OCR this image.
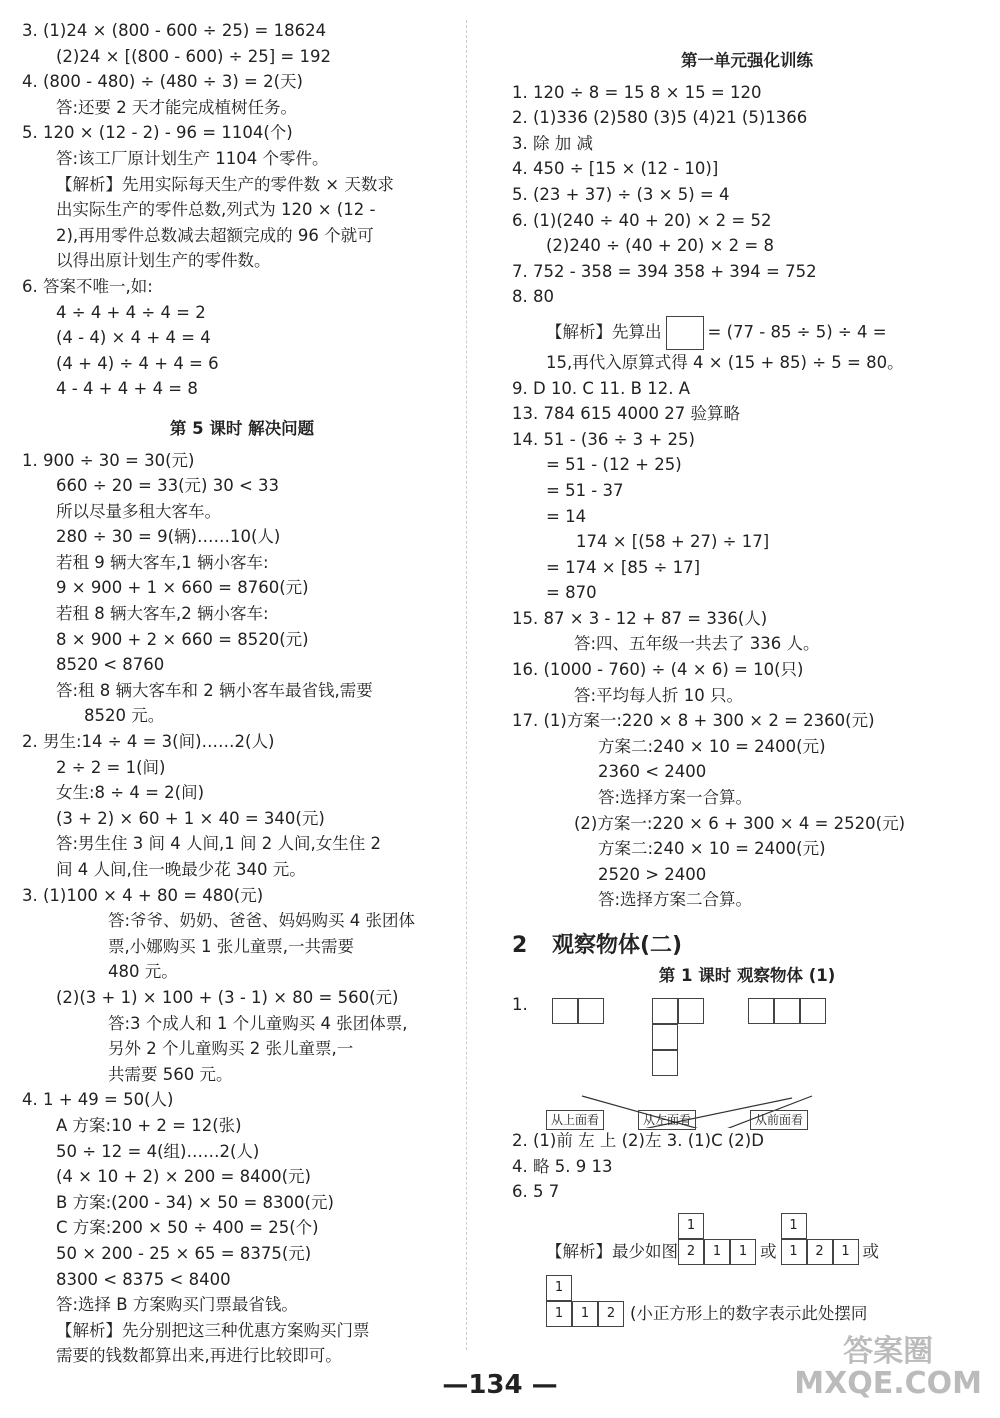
3. (1)24 × (800 - 600 ÷ 25) = 18624
(2)24 × [(800 - 600) ÷ 25] = 192
4. (800 - 480) ÷ (480 ÷ 3) = 2(天)
答:还要 2 天才能完成植树任务。
5. 120 × (12 - 2) - 96 = 1104(个)
答:该工厂原计划生产 1104 个零件。
【解析】先用实际每天生产的零件数 × 天数求
出实际生产的零件总数,列式为 120 × (12 -
2),再用零件总数减去超额完成的 96 个就可
以得出原计划生产的零件数。
6. 答案不唯一,如:
4 ÷ 4 + 4 ÷ 4 = 2
(4 - 4) × 4 + 4 = 4
(4 + 4) ÷ 4 + 4 = 6
4 - 4 + 4 + 4 = 8
第 5 课时 解决问题
1. 900 ÷ 30 = 30(元)
660 ÷ 20 = 33(元) 30 < 33
所以尽量多租大客车。
280 ÷ 30 = 9(辆)……10(人)
若租 9 辆大客车,1 辆小客车:
9 × 900 + 1 × 660 = 8760(元)
若租 8 辆大客车,2 辆小客车:
8 × 900 + 2 × 660 = 8520(元)
8520 < 8760
答:租 8 辆大客车和 2 辆小客车最省钱,需要
8520 元。
2. 男生:14 ÷ 4 = 3(间)……2(人)
2 ÷ 2 = 1(间)
女生:8 ÷ 4 = 2(间)
(3 + 2) × 60 + 1 × 40 = 340(元)
答:男生住 3 间 4 人间,1 间 2 人间,女生住 2
间 4 人间,住一晚最少花 340 元。
3. (1)100 × 4 + 80 = 480(元)
答:爷爷、奶奶、爸爸、妈妈购买 4 张团体
票,小娜购买 1 张儿童票,一共需要
480 元。
(2)(3 + 1) × 100 + (3 - 1) × 80 = 560(元)
答:3 个成人和 1 个儿童购买 4 张团体票,
另外 2 个儿童购买 2 张儿童票,一
共需要 560 元。
4. 1 + 49 = 50(人)
A 方案:10 + 2 = 12(张)
50 ÷ 12 = 4(组)……2(人)
(4 × 10 + 2) × 200 = 8400(元)
B 方案:(200 - 34) × 50 = 8300(元)
C 方案:200 × 50 ÷ 400 = 25(个)
50 × 200 - 25 × 65 = 8375(元)
8300 < 8375 < 8400
答:选择 B 方案购买门票最省钱。
【解析】先分别把这三种优惠方案购买门票
需要的钱数都算出来,再进行比较即可。
第一单元强化训练
1. 120 ÷ 8 = 15 8 × 15 = 120
2. (1)336 (2)580 (3)5 (4)21 (5)1366
3. 除 加 减
4. 450 ÷ [15 × (12 - 10)]
5. (23 + 37) ÷ (3 × 5) = 4
6. (1)(240 ÷ 40 + 20) × 2 = 52
(2)240 ÷ (40 + 20) × 2 = 8
7. 752 - 358 = 394 358 + 394 = 752
8. 80
【解析】先算出	= (77 - 85 ÷ 5) ÷ 4 =
15,再代入原算式得 4 × (15 + 85) ÷ 5 = 80。
9. D 10. C 11. B 12. A
13. 784 615 4000 27 验算略
14. 51 - (36 ÷ 3 + 25)
= 51 - (12 + 25)
= 51 - 37
= 14
174 × [(58 + 27) ÷ 17]
= 174 × [85 ÷ 17]
= 870
15. 87 × 3 - 12 + 87 = 336(人)
答:四、五年级一共去了 336 人。
16. (1000 - 760) ÷ (4 × 6) = 10(只)
答:平均每人折 10 只。
17. (1)方案一:220 × 8 + 300 × 2 = 2360(元)
方案二:240 × 10 = 2400(元)
2360 < 2400
答:选择方案一合算。
(2)方案一:220 × 6 + 300 × 4 = 2520(元)
方案二:240 × 10 = 2400(元)
2520 > 2400
答:选择方案二合算。
2 观察物体(二)
第 1 课时 观察物体 (1)
1.
从上面看	从左面看	从前面看
2. (1)前 左 上 (2)左 3. (1)C (2)D
4. 略 5. 9 13
6. 5 7
【解析】最少如图
1
2	1	1 或
1
1	2	1 或
1
1	1	2 (小正方形上的数字表示此处摆同
—134 —
答案圈
MXQE.COM
